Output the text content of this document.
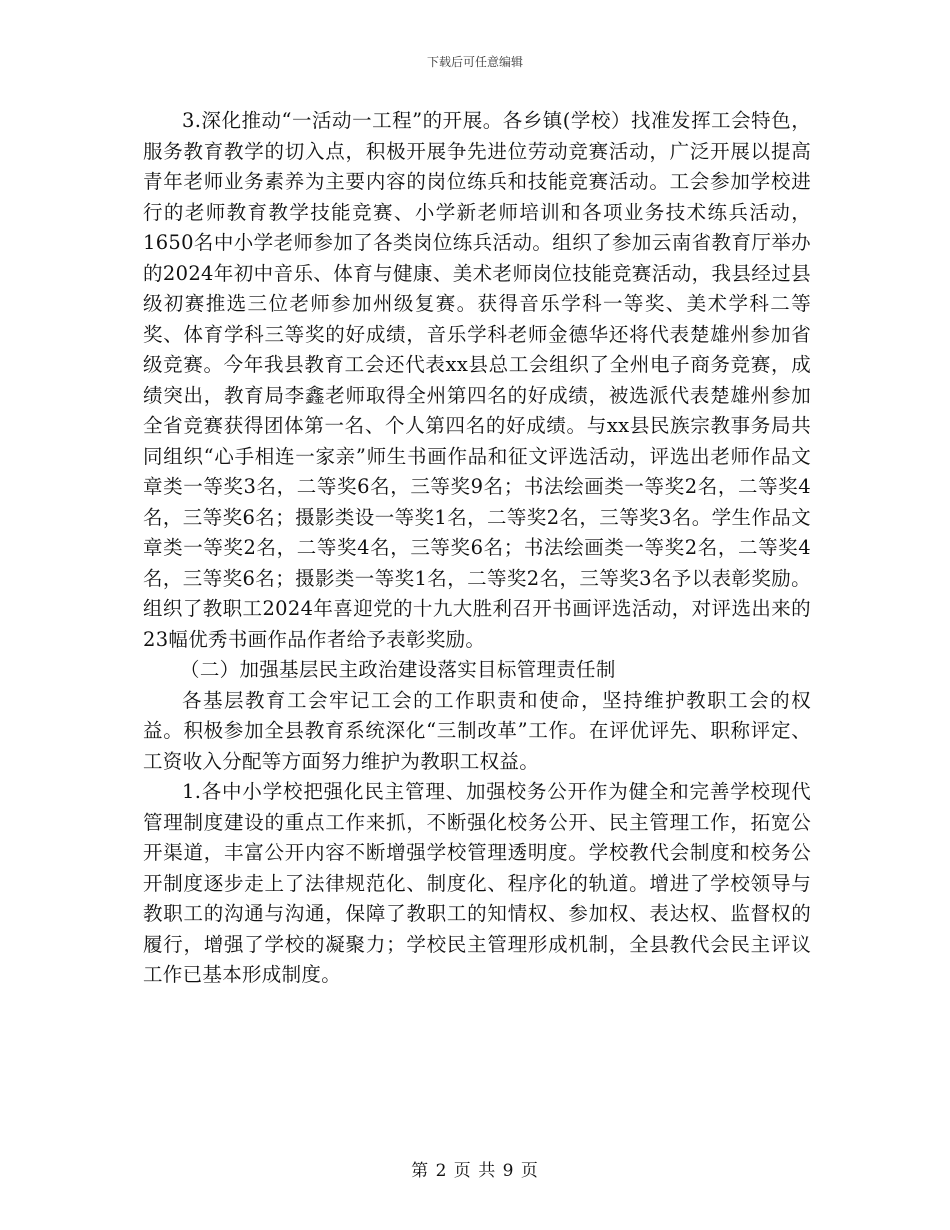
下载后可任意编辑

3.深化推动“一活动一工程”的开展。各乡镇(学校）找准发挥工会特色，服务教育教学的切入点，积极开展争先进位劳动竞赛活动，广泛开展以提高青年老师业务素养为主要内容的岗位练兵和技能竞赛活动。工会参加学校进行的老师教育教学技能竞赛、小学新老师培训和各项业务技术练兵活动，1650名中小学老师参加了各类岗位练兵活动。组织了参加云南省教育厅举办的2024年初中音乐、体育与健康、美术老师岗位技能竞赛活动，我县经过县级初赛推选三位老师参加州级复赛。获得音乐学科一等奖、美术学科二等奖、体育学科三等奖的好成绩，音乐学科老师金德华还将代表楚雄州参加省级竞赛。今年我县教育工会还代表xx县总工会组织了全州电子商务竞赛，成绩突出，教育局李鑫老师取得全州第四名的好成绩，被选派代表楚雄州参加全省竞赛获得团体第一名、个人第四名的好成绩。与xx县民族宗教事务局共同组织“心手相连一家亲”师生书画作品和征文评选活动，评选出老师作品文章类一等奖3名，二等奖6名，三等奖9名；书法绘画类一等奖2名，二等奖4名，三等奖6名；摄影类设一等奖1名，二等奖2名，三等奖3名。学生作品文章类一等奖2名，二等奖4名，三等奖6名；书法绘画类一等奖2名，二等奖4名，三等奖6名；摄影类一等奖1名，二等奖2名，三等奖3名予以表彰奖励。组织了教职工2024年喜迎党的十九大胜利召开书画评选活动，对评选出来的23幅优秀书画作品作者给予表彰奖励。

（二）加强基层民主政治建设落实目标管理责任制

各基层教育工会牢记工会的工作职责和使命，坚持维护教职工会的权益。积极参加全县教育系统深化“三制改革”工作。在评优评先、职称评定、工资收入分配等方面努力维护为教职工权益。

1.各中小学校把强化民主管理、加强校务公开作为健全和完善学校现代管理制度建设的重点工作来抓，不断强化校务公开、民主管理工作，拓宽公开渠道，丰富公开内容不断增强学校管理透明度。学校教代会制度和校务公开制度逐步走上了法律规范化、制度化、程序化的轨道。增进了学校领导与教职工的沟通与沟通，保障了教职工的知情权、参加权、表达权、监督权的履行，增强了学校的凝聚力；学校民主管理形成机制，全县教代会民主评议工作已基本形成制度。

第 2 页 共 9 页
